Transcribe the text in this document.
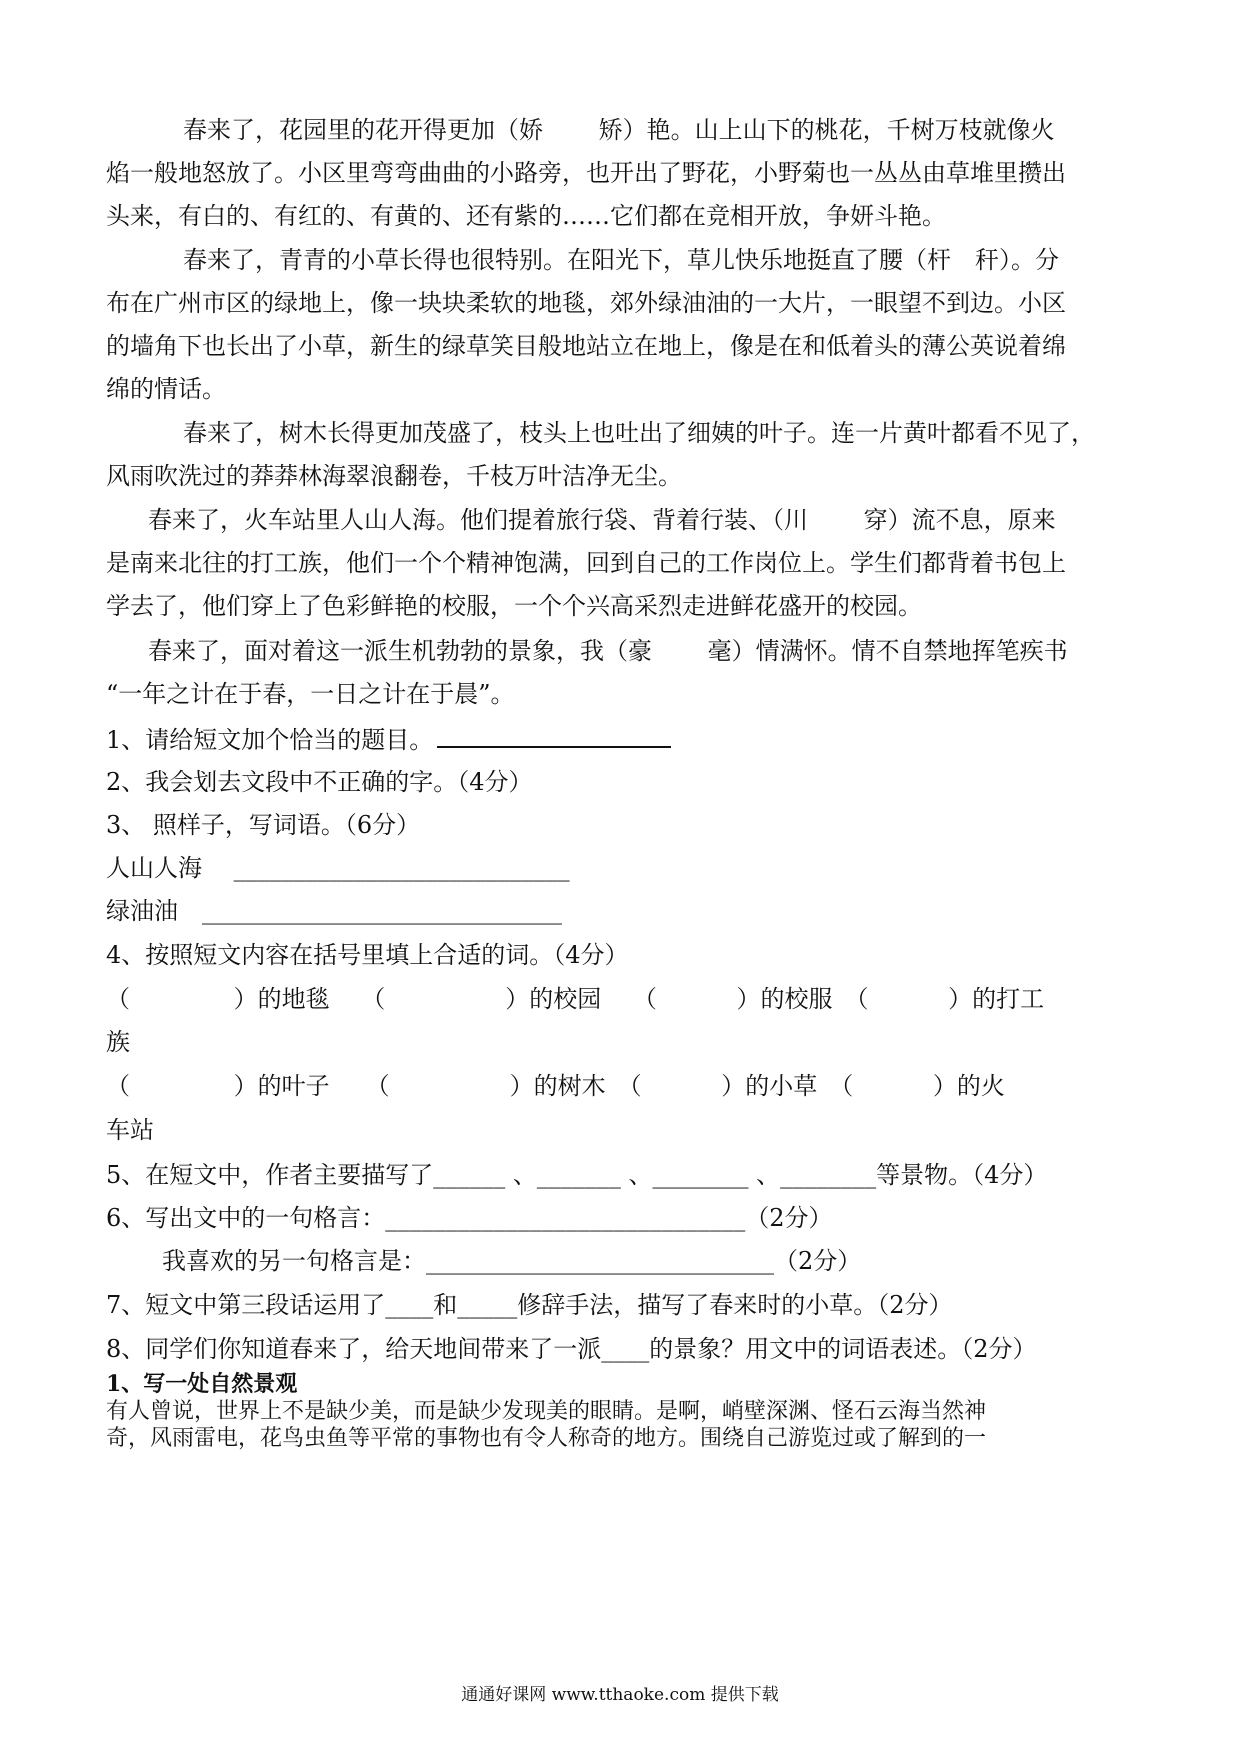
春来了，花园里的花开得更加（娇　　 矫）艳。山上山下的桃花，千树万枝就像火
焰一般地怒放了。小区里弯弯曲曲的小路旁，也开出了野花，小野菊也一丛丛由草堆里攒出
头来，有白的、有红的、有黄的、还有紫的……它们都在竞相开放，争妍斗艳。
春来了，青青的小草长得也很特别。在阳光下，草儿快乐地挺直了腰（杆　秆）。分
布在广州市区的绿地上，像一块块柔软的地毯，郊外绿油油的一大片，一眼望不到边。小区
的墙角下也长出了小草，新生的绿草笑目般地站立在地上，像是在和低着头的薄公英说着绵
绵的情话。
春来了，树木长得更加茂盛了，枝头上也吐出了细姨的叶子。连一片黄叶都看不见了，
风雨吹洗过的莽莽林海翠浪翻卷，千枝万叶洁净无尘。
春来了，火车站里人山人海。他们提着旅行袋、背着行装、（川　　 穿）流不息，原来
是南来北往的打工族，他们一个个精神饱满，回到自己的工作岗位上。学生们都背着书包上
学去了，他们穿上了色彩鲜艳的校服，一个个兴高采烈走进鲜花盛开的校园。
春来了，面对着这一派生机勃勃的景象，我（豪　　 毫）情满怀。情不自禁地挥笔疾书
“一年之计在于春，一日之计在于晨”。
1、请给短文加个恰当的题目。
2、我会划去文段中不正确的字。（4分）
3、 照样子，写词语。（6分）
人山人海　 ____________________________
绿油油　______________________________
4、按照短文内容在括号里填上合适的词。（4分）
（　　　　 ）的地毯　 （　　　　　）的校园　 （　　　 ）的校服　（　　　 ）的打工
族
（　　　　 ）的叶子　　（　　　　　）的树木　（　　　 ）的小草　（　　　 ）的火
车站
5、在短文中，作者主要描写了______ 、_______ 、________ 、________等景物。（4分）
6、写出文中的一句格言：______________________________（2分）
我喜欢的另一句格言是：_____________________________（2分）
7、短文中第三段话运用了____和_____修辞手法，描写了春来时的小草。（2分）
8、同学们你知道春来了，给天地间带来了一派____的景象？用文中的词语表述。（2分）
1、写一处自然景观
有人曾说，世界上不是缺少美，而是缺少发现美的眼睛。是啊，峭壁深渊、怪石云海当然神
奇，风雨雷电，花鸟虫鱼等平常的事物也有令人称奇的地方。围绕自己游览过或了解到的一
通通好课网 www.tthaoke.com 提供下载
